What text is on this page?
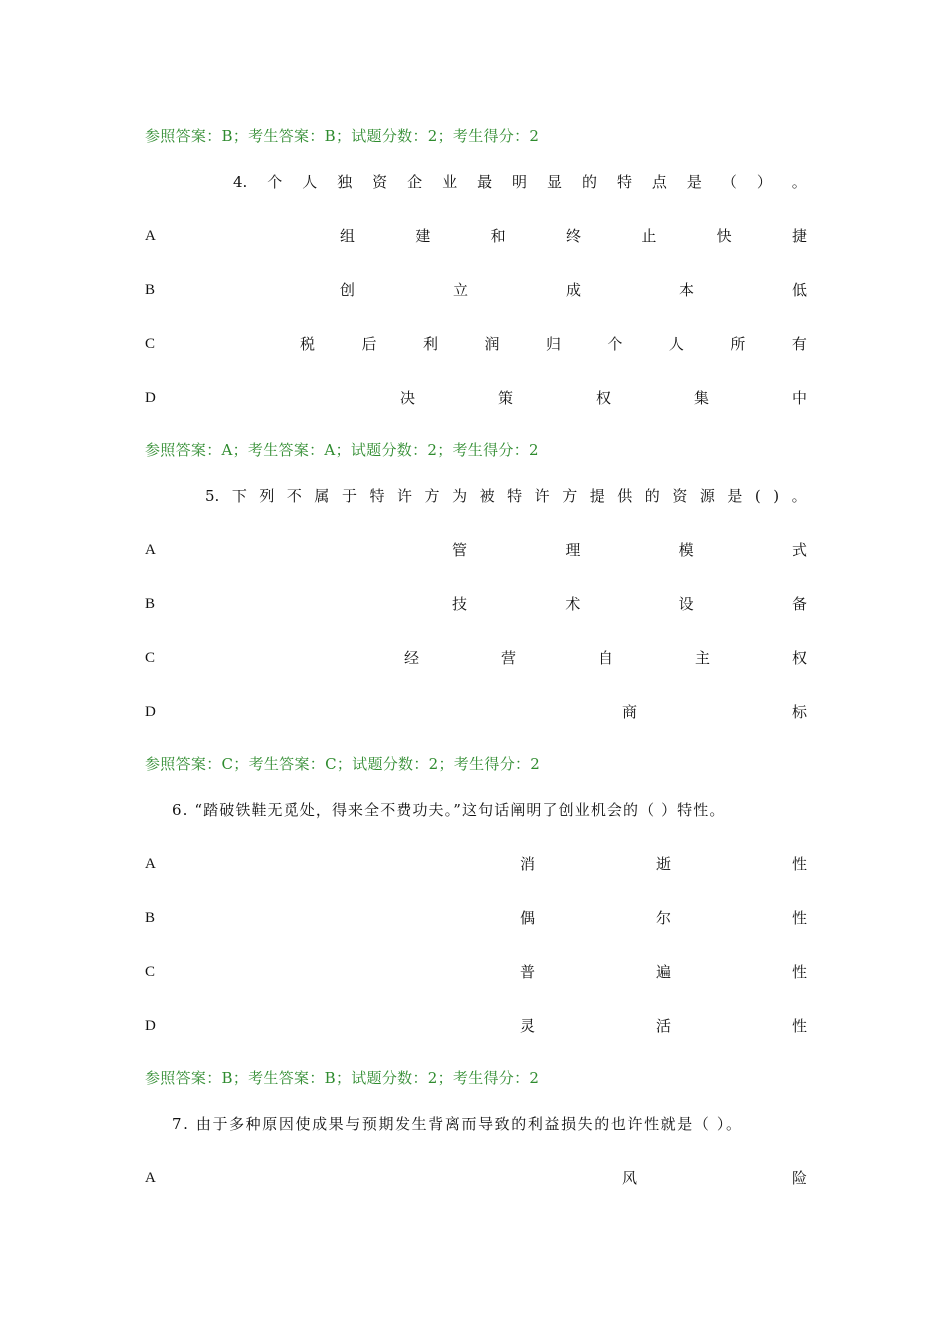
参照答案：B；考生答案：B；试题分数：2；考生得分：2
4. 个 人 独 资 企 业 最 明 显 的 特 点 是 （ ） 。
A	组	建	和	终	止	快	捷
B	创	立	成	本	低
C	税	后	利	润	归	个	人	所	有
D	决	策	权	集	中
参照答案：A；考生答案：A；试题分数：2；考生得分：2
5. 下 列 不 属 于 特 许 方 为 被 特 许 方 提 供 的 资 源 是 ( ) 。
A	管	理	模	式
B	技	术	设	备
C	经	营	自	主	权
D	商	标
参照答案：C；考生答案：C；试题分数：2；考生得分：2
6. “踏破铁鞋无觅处，得来全不费功夫。”这句话阐明了创业机会的（ ）特性。
A	消	逝	性
B	偶	尔	性
C	普	遍	性
D	灵	活	性
参照答案：B；考生答案：B；试题分数：2；考生得分：2
7. 由于多种原因使成果与预期发生背离而导致的利益损失的也许性就是（ ）。
A	风	险
